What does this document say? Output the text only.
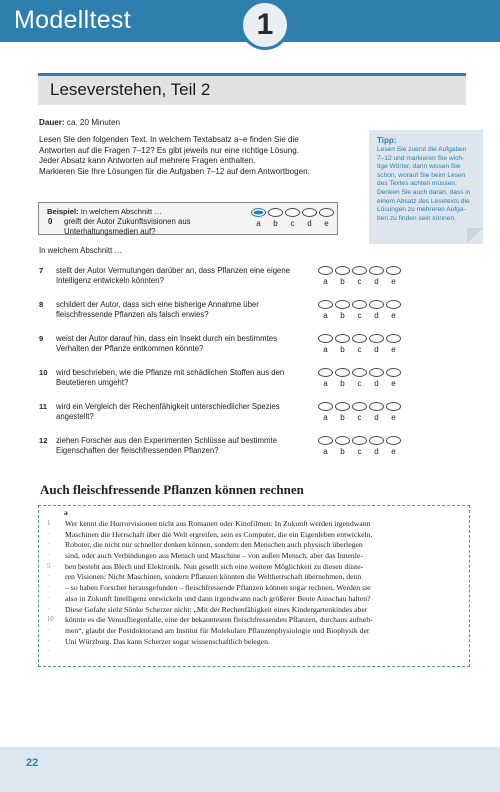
Modelltest	1
Leseverstehen, Teil 2
Dauer: ca. 20 Minuten
Lesen Sie den folgenden Text. In welchem Textabsatz a–e finden Sie die
Antworten auf die Fragen 7–12? Es gibt jeweils nur eine richtige Lösung.
Jeder Absatz kann Antworten auf mehrere Fragen enthalten.
Markieren Sie Ihre Lösungen für die Aufgaben 7–12 auf dem Antwortbogen.
Tipp:
Lesen Sie zuerst die Aufgaben
7–12 und markieren Sie wich-
tige Wörter, dann wissen Sie
schon, worauf Sie beim Lesen
des Textes achten müssen.
Denken Sie auch daran, dass in
einem Absatz des Lesetexts die
Lösungen zu mehreren Aufga-
ben zu finden sein können.
Beispiel: In welchem Abschnitt …
0 greift der Autor Zukunftsvisionen aus Unterhaltungsmedien auf?
a	b	c	d	e
In welchem Abschnitt …
7 stellt der Autor Vermutungen darüber an, dass Pflanzen eine eigene Intelligenz entwickeln könnten?	a	b	c	d	e
8 schildert der Autor, dass sich eine bisherige Annahme über fleischfressende Pflanzen als falsch erwies?	a	b	c	d	e
9 weist der Autor darauf hin, dass ein Insekt durch ein bestimmtes Verhalten der Pflanze entkommen könnte?	a	b	c	d	e
10 wird beschrieben, wie die Pflanze mit schädlichen Stoffen aus den Beutetieren umgeht?	a	b	c	d	e
11 wird ein Vergleich der Rechenfähigkeit unterschiedlicher Spezies angestellt?	a	b	c	d	e
12 ziehen Forscher aus den Experimenten Schlüsse auf bestimmte Eigenschaften der fleischfressenden Pflanzen?	a	b	c	d	e
Auch fleischfressende Pflanzen können rechnen
a
1	Wer kennt die Horrorvisionen nicht aus Romanen oder Kinofilmen: In Zukunft werden irgendwann
·	Maschinen die Herrschaft über die Welt ergreifen, sein es Computer, die ein Eigenleben entwickeln,
·	Roboter, die nicht nur schneller denken können, sondern den Menschen auch physisch überlegen
·	sind, oder auch Verbindungen aus Mensch und Maschine – von außen Mensch, aber das Innenle-
5	ben besteht aus Blech und Elektronik. Nun gesellt sich eine weitere Möglichkeit zu diesen düste-
·	ren Visionen: Nicht Maschinen, sondern Pflanzen könnten die Weltherrschaft übernehmen, denn
·	– so haben Forscher herausgefunden – fleischfressende Pflanzen können sogar rechnen. Werden sie
·	also in Zukunft Intelligenz entwickeln und dann irgendwann nach größerer Beute Ausschau halten?
·	Diese Gefahr sieht Sönke Scherzer nicht: „Mit der Rechenfähigkeit eines Kindergartenkindes aber
10	könnte es die Venusfliegenfalle, eine der bekanntesten fleischfressenden Pflanzen, durchaus aufneh-
·	men“, glaubt der Postdoktorand am Institut für Molekulare Pflanzenphysiologie und Biophysik der
·	Uni Würzburg. Das kann Scherzer sogar wissenschaftlich belegen.
·
22
